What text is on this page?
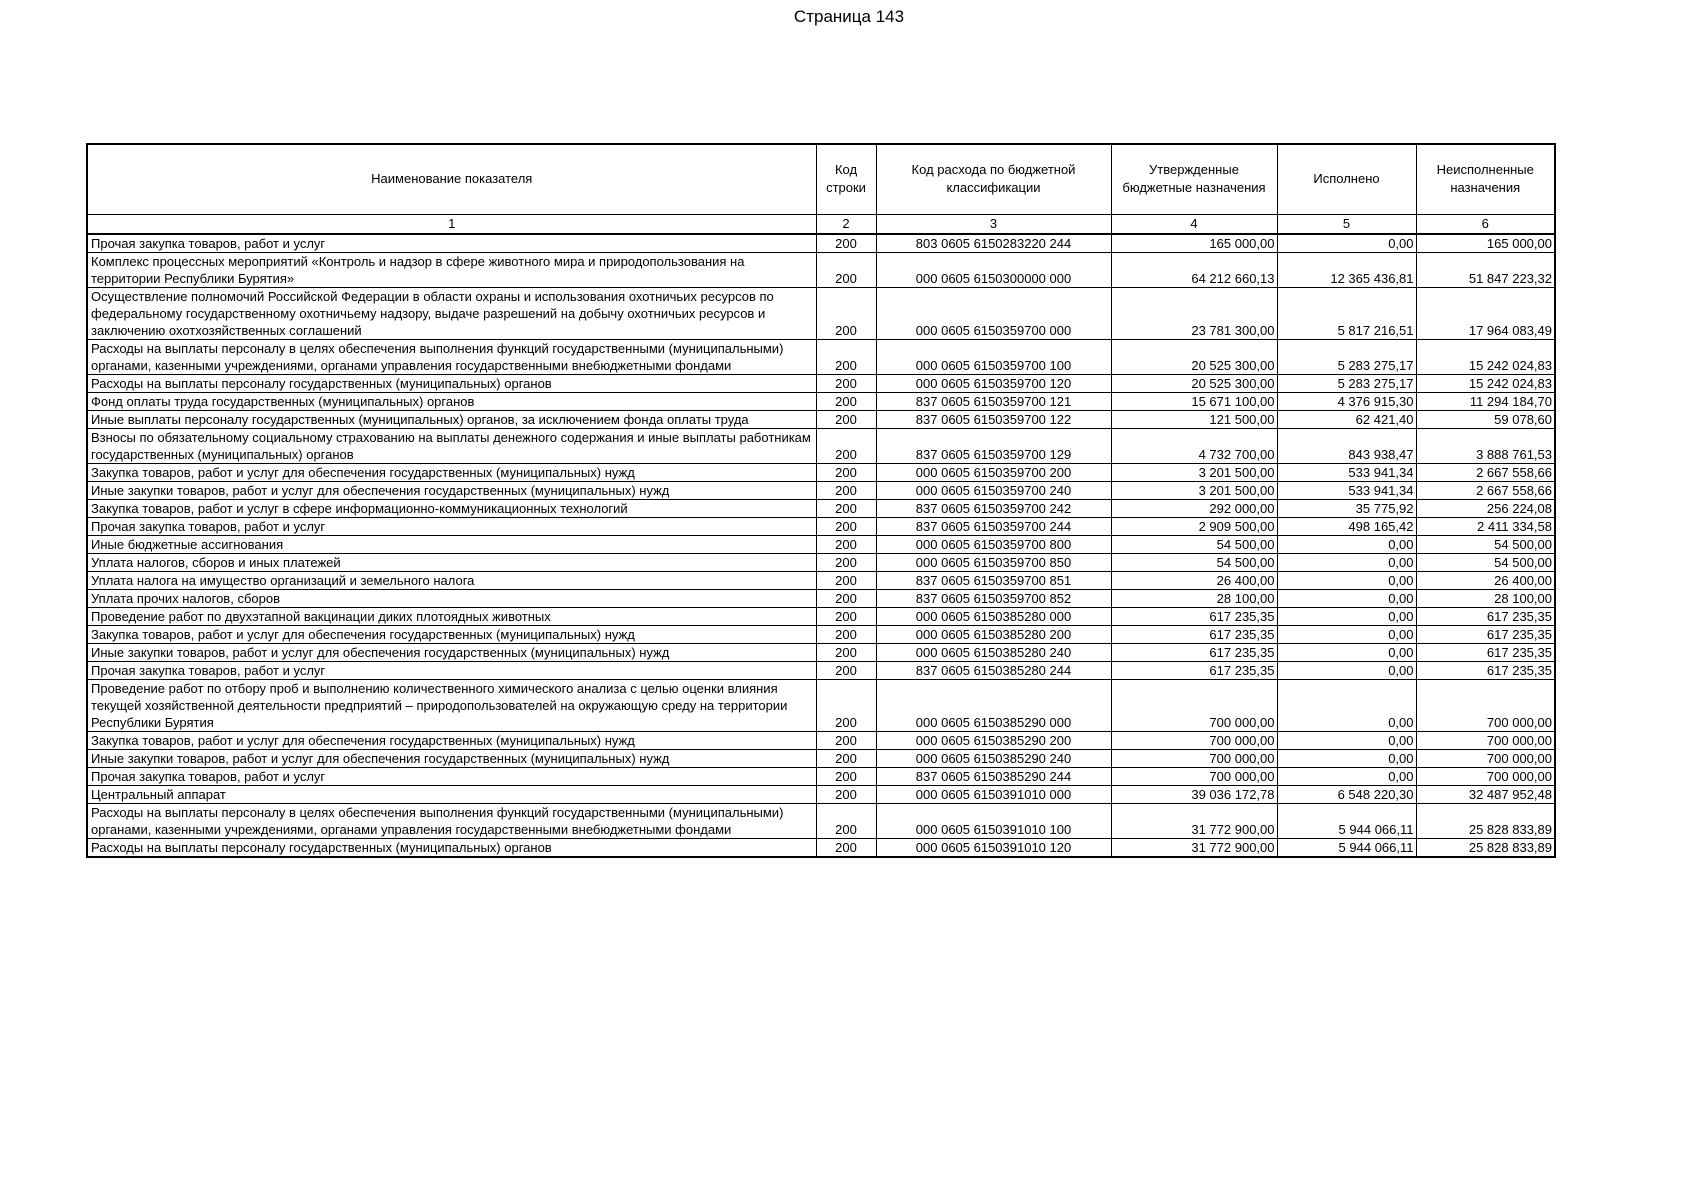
Страница 143
Наименование показателя	Код строки	Код расхода по бюджетной классификации	Утвержденные бюджетные назначения	Исполнено	Неисполненные назначения
1	2	3	4	5	6
Прочая закупка товаров, работ и услуг	200	803 0605 6150283220 244	165 000,00	0,00	165 000,00
Комплекс процессных мероприятий «Контроль и надзор в сфере животного мира и природопользования на территории Республики Бурятия»	200	000 0605 6150300000 000	64 212 660,13	12 365 436,81	51 847 223,32
Осуществление полномочий Российской Федерации в области охраны и использования охотничьих ресурсов по федеральному государственному охотничьему надзору, выдаче разрешений на добычу охотничьих ресурсов и заключению охотхозяйственных соглашений	200	000 0605 6150359700 000	23 781 300,00	5 817 216,51	17 964 083,49
Расходы на выплаты персоналу в целях обеспечения выполнения функций государственными (муниципальными) органами, казенными учреждениями, органами управления государственными внебюджетными фондами	200	000 0605 6150359700 100	20 525 300,00	5 283 275,17	15 242 024,83
Расходы на выплаты персоналу государственных (муниципальных) органов	200	000 0605 6150359700 120	20 525 300,00	5 283 275,17	15 242 024,83
Фонд оплаты труда государственных (муниципальных) органов	200	837 0605 6150359700 121	15 671 100,00	4 376 915,30	11 294 184,70
Иные выплаты персоналу государственных (муниципальных) органов, за исключением фонда оплаты труда	200	837 0605 6150359700 122	121 500,00	62 421,40	59 078,60
Взносы по обязательному социальному страхованию на выплаты денежного содержания и иные выплаты работникам государственных (муниципальных) органов	200	837 0605 6150359700 129	4 732 700,00	843 938,47	3 888 761,53
Закупка товаров, работ и услуг для обеспечения государственных (муниципальных) нужд	200	000 0605 6150359700 200	3 201 500,00	533 941,34	2 667 558,66
Иные закупки товаров, работ и услуг для обеспечения государственных (муниципальных) нужд	200	000 0605 6150359700 240	3 201 500,00	533 941,34	2 667 558,66
Закупка товаров, работ и услуг в сфере информационно-коммуникационных технологий	200	837 0605 6150359700 242	292 000,00	35 775,92	256 224,08
Прочая закупка товаров, работ и услуг	200	837 0605 6150359700 244	2 909 500,00	498 165,42	2 411 334,58
Иные бюджетные ассигнования	200	000 0605 6150359700 800	54 500,00	0,00	54 500,00
Уплата налогов, сборов и иных платежей	200	000 0605 6150359700 850	54 500,00	0,00	54 500,00
Уплата налога на имущество организаций и земельного налога	200	837 0605 6150359700 851	26 400,00	0,00	26 400,00
Уплата прочих налогов, сборов	200	837 0605 6150359700 852	28 100,00	0,00	28 100,00
Проведение работ по двухэтапной вакцинации диких плотоядных животных	200	000 0605 6150385280 000	617 235,35	0,00	617 235,35
Закупка товаров, работ и услуг для обеспечения государственных (муниципальных) нужд	200	000 0605 6150385280 200	617 235,35	0,00	617 235,35
Иные закупки товаров, работ и услуг для обеспечения государственных (муниципальных) нужд	200	000 0605 6150385280 240	617 235,35	0,00	617 235,35
Прочая закупка товаров, работ и услуг	200	837 0605 6150385280 244	617 235,35	0,00	617 235,35
Проведение работ по отбору проб и выполнению количественного химического анализа с целью оценки влияния текущей хозяйственной деятельности предприятий – природопользователей на окружающую среду на территории Республики Бурятия	200	000 0605 6150385290 000	700 000,00	0,00	700 000,00
Закупка товаров, работ и услуг для обеспечения государственных (муниципальных) нужд	200	000 0605 6150385290 200	700 000,00	0,00	700 000,00
Иные закупки товаров, работ и услуг для обеспечения государственных (муниципальных) нужд	200	000 0605 6150385290 240	700 000,00	0,00	700 000,00
Прочая закупка товаров, работ и услуг	200	837 0605 6150385290 244	700 000,00	0,00	700 000,00
Центральный аппарат	200	000 0605 6150391010 000	39 036 172,78	6 548 220,30	32 487 952,48
Расходы на выплаты персоналу в целях обеспечения выполнения функций государственными (муниципальными) органами, казенными учреждениями, органами управления государственными внебюджетными фондами	200	000 0605 6150391010 100	31 772 900,00	5 944 066,11	25 828 833,89
Расходы на выплаты персоналу государственных (муниципальных) органов	200	000 0605 6150391010 120	31 772 900,00	5 944 066,11	25 828 833,89
